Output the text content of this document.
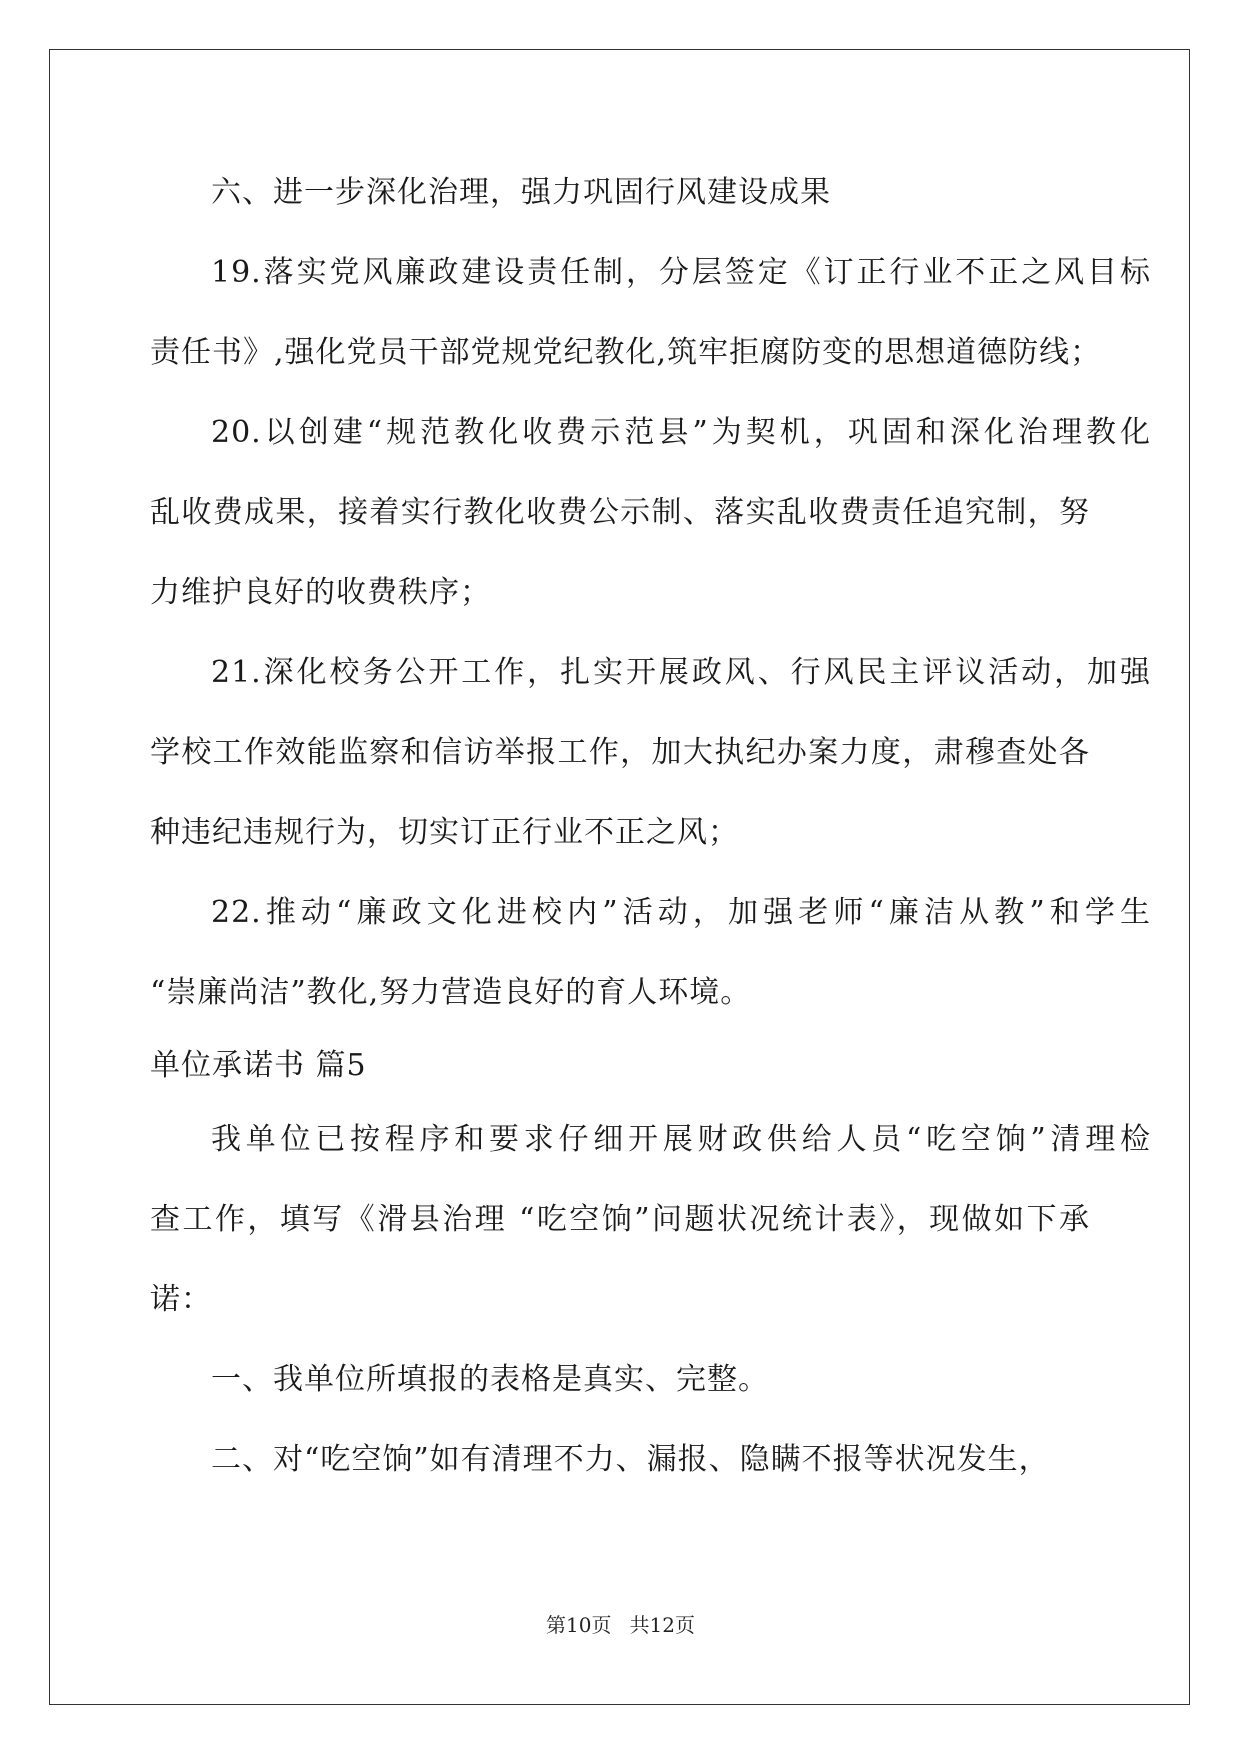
六、进一步深化治理，强力巩固行风建设成果
19.落实党风廉政建设责任制，分层签定《订正行业不正之风目标
责任书》,强化党员干部党规党纪教化,筑牢拒腐防变的思想道德防线；
20.以创建“规范教化收费示范县”为契机，巩固和深化治理教化
乱收费成果，接着实行教化收费公示制、落实乱收费责任追究制，努
力维护良好的收费秩序；
21.深化校务公开工作，扎实开展政风、行风民主评议活动，加强
学校工作效能监察和信访举报工作，加大执纪办案力度，肃穆查处各
种违纪违规行为，切实订正行业不正之风；
22.推动“廉政文化进校内”活动，加强老师“廉洁从教”和学生
“崇廉尚洁”教化,努力营造良好的育人环境。
单位承诺书 篇5
我单位已按程序和要求仔细开展财政供给人员“吃空饷”清理检
查工作，填写《滑县治理 “吃空饷”问题状况统计表》，现做如下承
诺：
一、我单位所填报的表格是真实、完整。
二、对“吃空饷”如有清理不力、漏报、隐瞒不报等状况发生，
第10页 共12页
